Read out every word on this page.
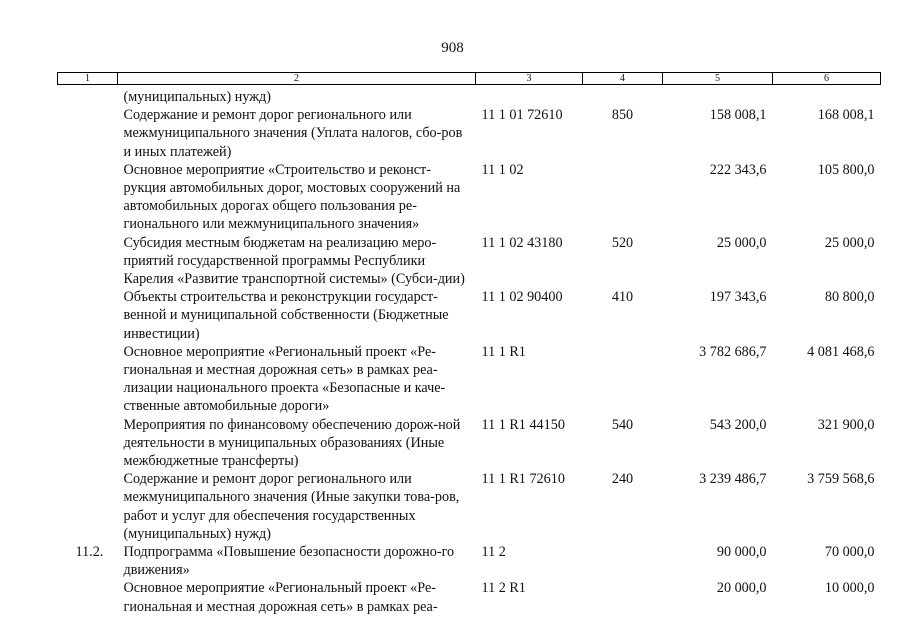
908
1	2	3	4	5	6
	(муниципальных) нужд)				
	Содержание и ремонт дорог регионального или межмуниципального значения (Уплата налогов, сбо-ров и иных платежей)	11 1 01 72610	850	158 008,1	168 008,1
	Основное мероприятие «Строительство и реконст-рукция автомобильных дорог, мостовых сооружений на автомобильных дорогах общего пользования ре-гионального или межмуниципального значения»	11 1 02		222 343,6	105 800,0
	Субсидия местным бюджетам на реализацию меро-приятий государственной программы Республики Карелия «Развитие транспортной системы» (Субси-дии)	11 1 02 43180	520	25 000,0	25 000,0
	Объекты строительства и реконструкции государст-венной и муниципальной собственности (Бюджетные инвестиции)	11 1 02 90400	410	197 343,6	80 800,0
	Основное мероприятие «Региональный проект «Ре-гиональная и местная дорожная сеть» в рамках реа-лизации национального проекта «Безопасные и каче-ственные автомобильные дороги»	11 1 R1		3 782 686,7	4 081 468,6
	Мероприятия по финансовому обеспечению дорож-ной деятельности в муниципальных образованиях (Иные межбюджетные трансферты)	11 1 R1 44150	540	543 200,0	321 900,0
	Содержание и ремонт дорог регионального или межмуниципального значения (Иные закупки това-ров, работ и услуг для обеспечения государственных (муниципальных) нужд)	11 1 R1 72610	240	3 239 486,7	3 759 568,6
11.2.	Подпрограмма «Повышение безопасности дорожно-го движения»	11 2		90 000,0	70 000,0
	Основное мероприятие «Региональный проект «Ре-гиональная и местная дорожная сеть» в рамках реа-	11 2 R1		20 000,0	10 000,0
